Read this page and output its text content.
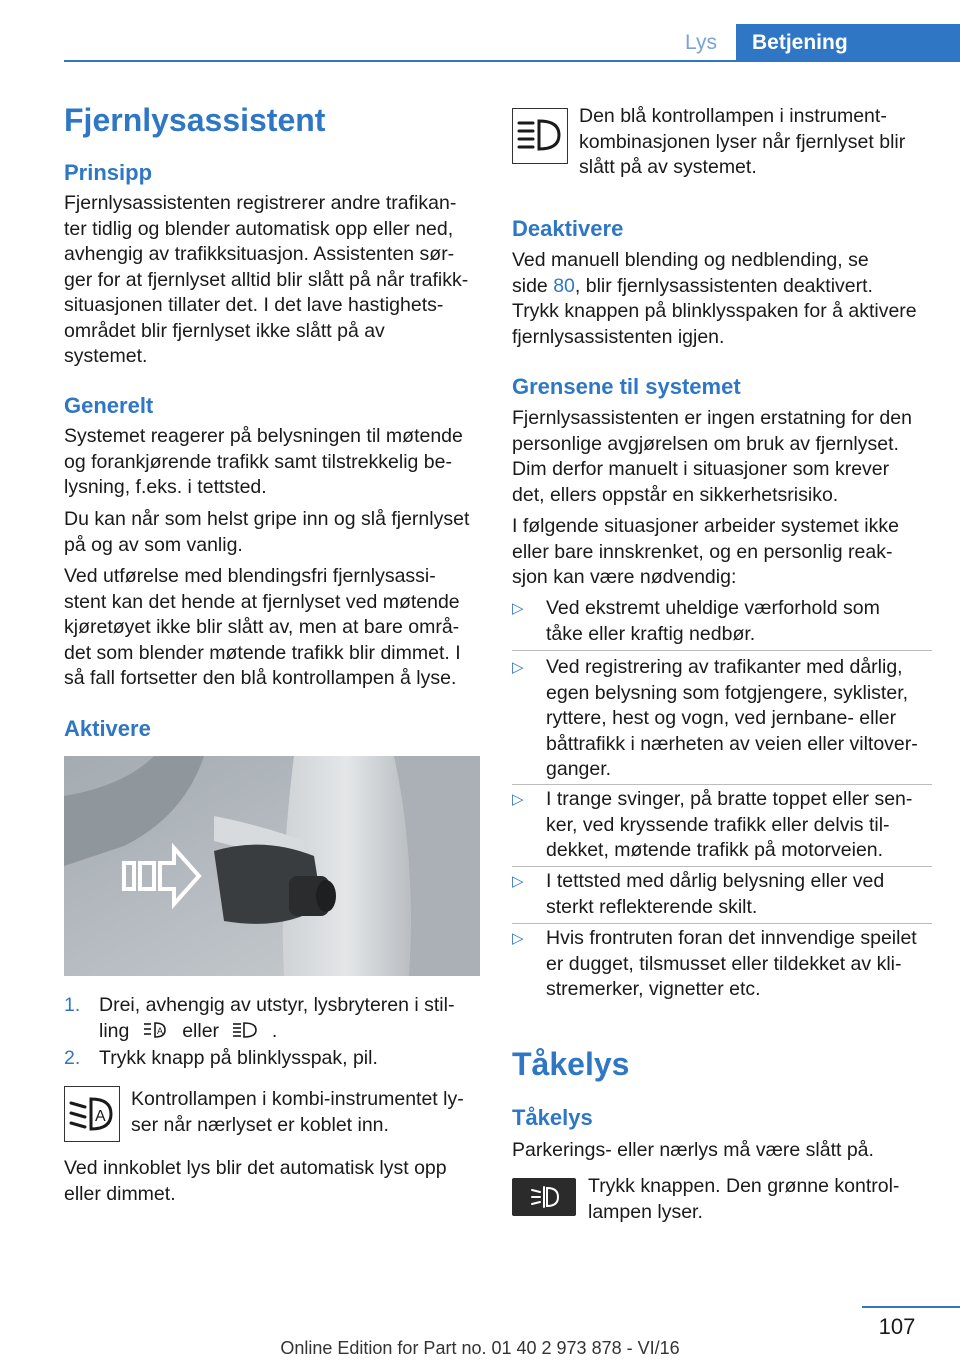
Lys	Betjening
Fjernlysassistent
Prinsipp
Fjernlysassistenten registrerer andre trafikan‐
ter tidlig og blender automatisk opp eller ned,
avhengig av trafikksituasjon. Assistenten sør‐
ger for at fjernlyset alltid blir slått på når trafikk‐
situasjonen tillater det. I det lave hastighets‐
området blir fjernlyset ikke slått på av
systemet.
Generelt
Systemet reagerer på belysningen til møtende
og forankjørende trafikk samt tilstrekkelig be‐
lysning, f.eks. i tettsted.
Du kan når som helst gripe inn og slå fjernlyset
på og av som vanlig.
Ved utførelse med blendingsfri fjernlysassi‐
stent kan det hende at fjernlyset ved møtende
kjøretøyet ikke blir slått av, men at bare områ‐
det som blender møtende trafikk blir dimmet. I
så fall fortsetter den blå kontrollampen å lyse.
Aktivere
1. Drei, avhengig av utstyr, lysbryteren i stil‐
ling	A eller	.
2. Trykk knapp på blinklysspak, pil.
A
Kontrollampen i kombi-instrumentet ly‐
ser når nærlyset er koblet inn.
Ved innkoblet lys blir det automatisk lyst opp
eller dimmet.
Den blå kontrollampen i instrument‐
kombinasjonen lyser når fjernlyset blir
slått på av systemet.
Deaktivere
Ved manuell blending og nedblending, se
side 80, blir fjernlysassistenten deaktivert.
Trykk knappen på blinklysspaken for å aktivere
fjernlysassistenten igjen.
Grensene til systemet
Fjernlysassistenten er ingen erstatning for den
personlige avgjørelsen om bruk av fjernlyset.
Dim derfor manuelt i situasjoner som krever
det, ellers oppstår en sikkerhetsrisiko.
I følgende situasjoner arbeider systemet ikke
eller bare innskrenket, og en personlig reak‐
sjon kan være nødvendig:
▷ Ved ekstremt uheldige værforhold som
tåke eller kraftig nedbør.
▷ Ved registrering av trafikanter med dårlig,
egen belysning som fotgjengere, syklister,
ryttere, hest og vogn, ved jernbane- eller
båttrafikk i nærheten av veien eller viltover‐
ganger.
▷ I trange svinger, på bratte toppet eller sen‐
ker, ved kryssende trafikk eller delvis til‐
dekket, møtende trafikk på motorveien.
▷ I tettsted med dårlig belysning eller ved
sterkt reflekterende skilt.
▷ Hvis frontruten foran det innvendige speilet
er dugget, tilsmusset eller tildekket av kli‐
stremerker, vignetter etc.
Tåkelys
Tåkelys
Parkerings- eller nærlys må være slått på.
Trykk knappen. Den grønne kontrol‐
lampen lyser.
107
Online Edition for Part no. 01 40 2 973 878 - VI/16
